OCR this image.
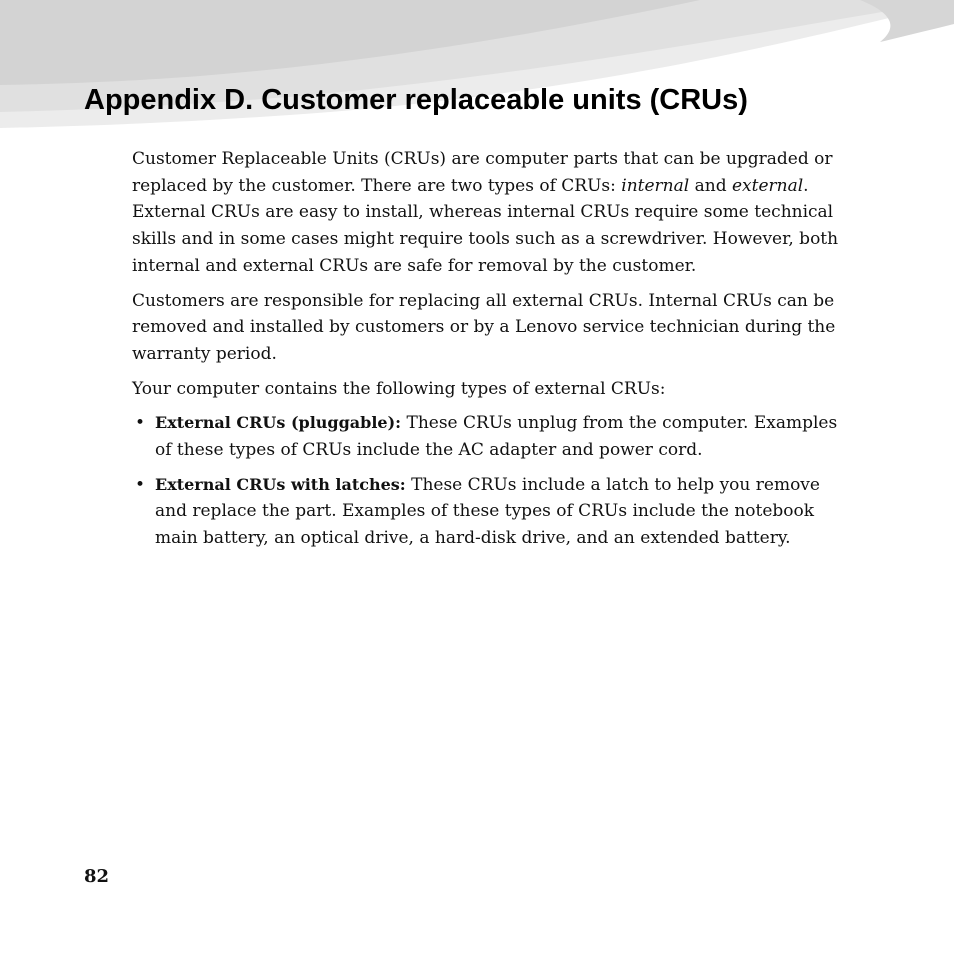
Appendix D. Customer replaceable units (CRUs)

Customer Replaceable Units (CRUs) are computer parts that can be upgraded or replaced by the customer. There are two types of CRUs: internal and external. External CRUs are easy to install, whereas internal CRUs require some technical skills and in some cases might require tools such as a screwdriver. However, both internal and external CRUs are safe for removal by the customer.

Customers are responsible for replacing all external CRUs. Internal CRUs can be removed and installed by customers or by a Lenovo service technician during the warranty period.

Your computer contains the following types of external CRUs:

• External CRUs (pluggable): These CRUs unplug from the computer. Examples of these types of CRUs include the AC adapter and power cord.
• External CRUs with latches: These CRUs include a latch to help you remove and replace the part. Examples of these types of CRUs include the notebook main battery, an optical drive, a hard-disk drive, and an extended battery.
82
